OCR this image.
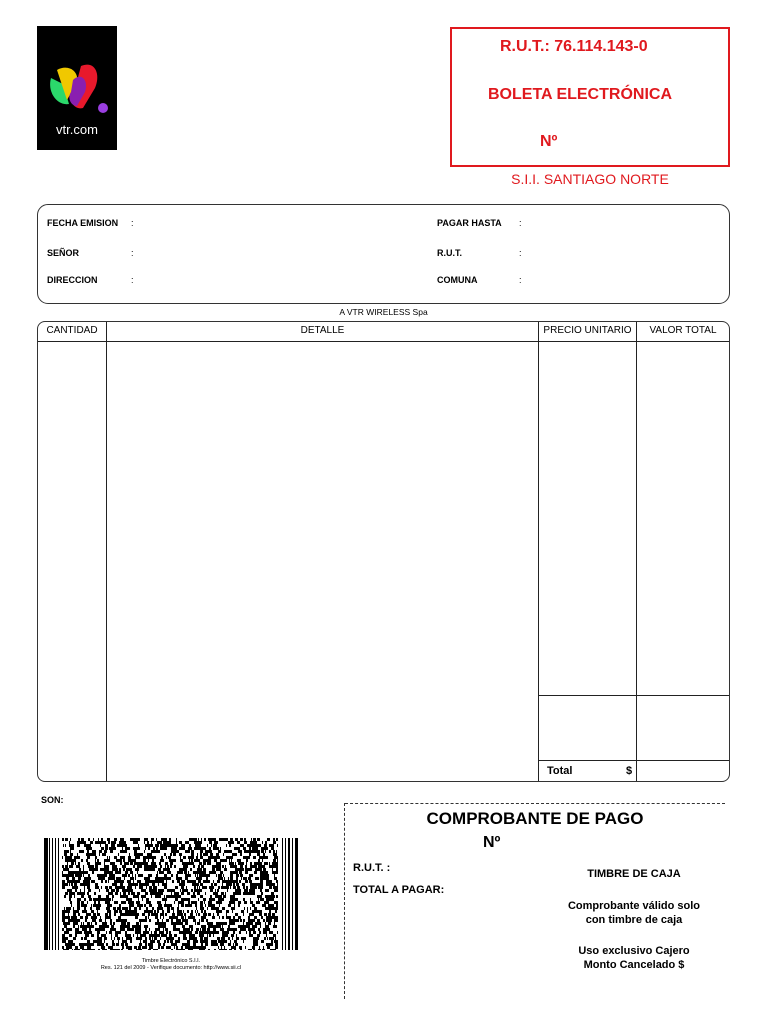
vtr.com
R.U.T.: 76.114.143-0
BOLETA ELECTRÓNICA
Nº
S.I.I. SANTIAGO NORTE
FECHA EMISION :
SEÑOR	:
DIRECCION	:
PAGAR HASTA :
R.U.T.	:
COMUNA	:
A VTR WIRELESS Spa
CANTIDAD	DETALLE	PRECIO UNITARIO	VALOR TOTAL
Total	$
SON:
Timbre Electrónico S.I.I.
Res. 121 del 2009 - Verifique documento: http://www.sii.cl
COMPROBANTE DE PAGO
Nº
R.U.T. :
TOTAL A PAGAR:
TIMBRE DE CAJA
Comprobante válido solo
con timbre de caja
Uso exclusivo Cajero
Monto Cancelado $
